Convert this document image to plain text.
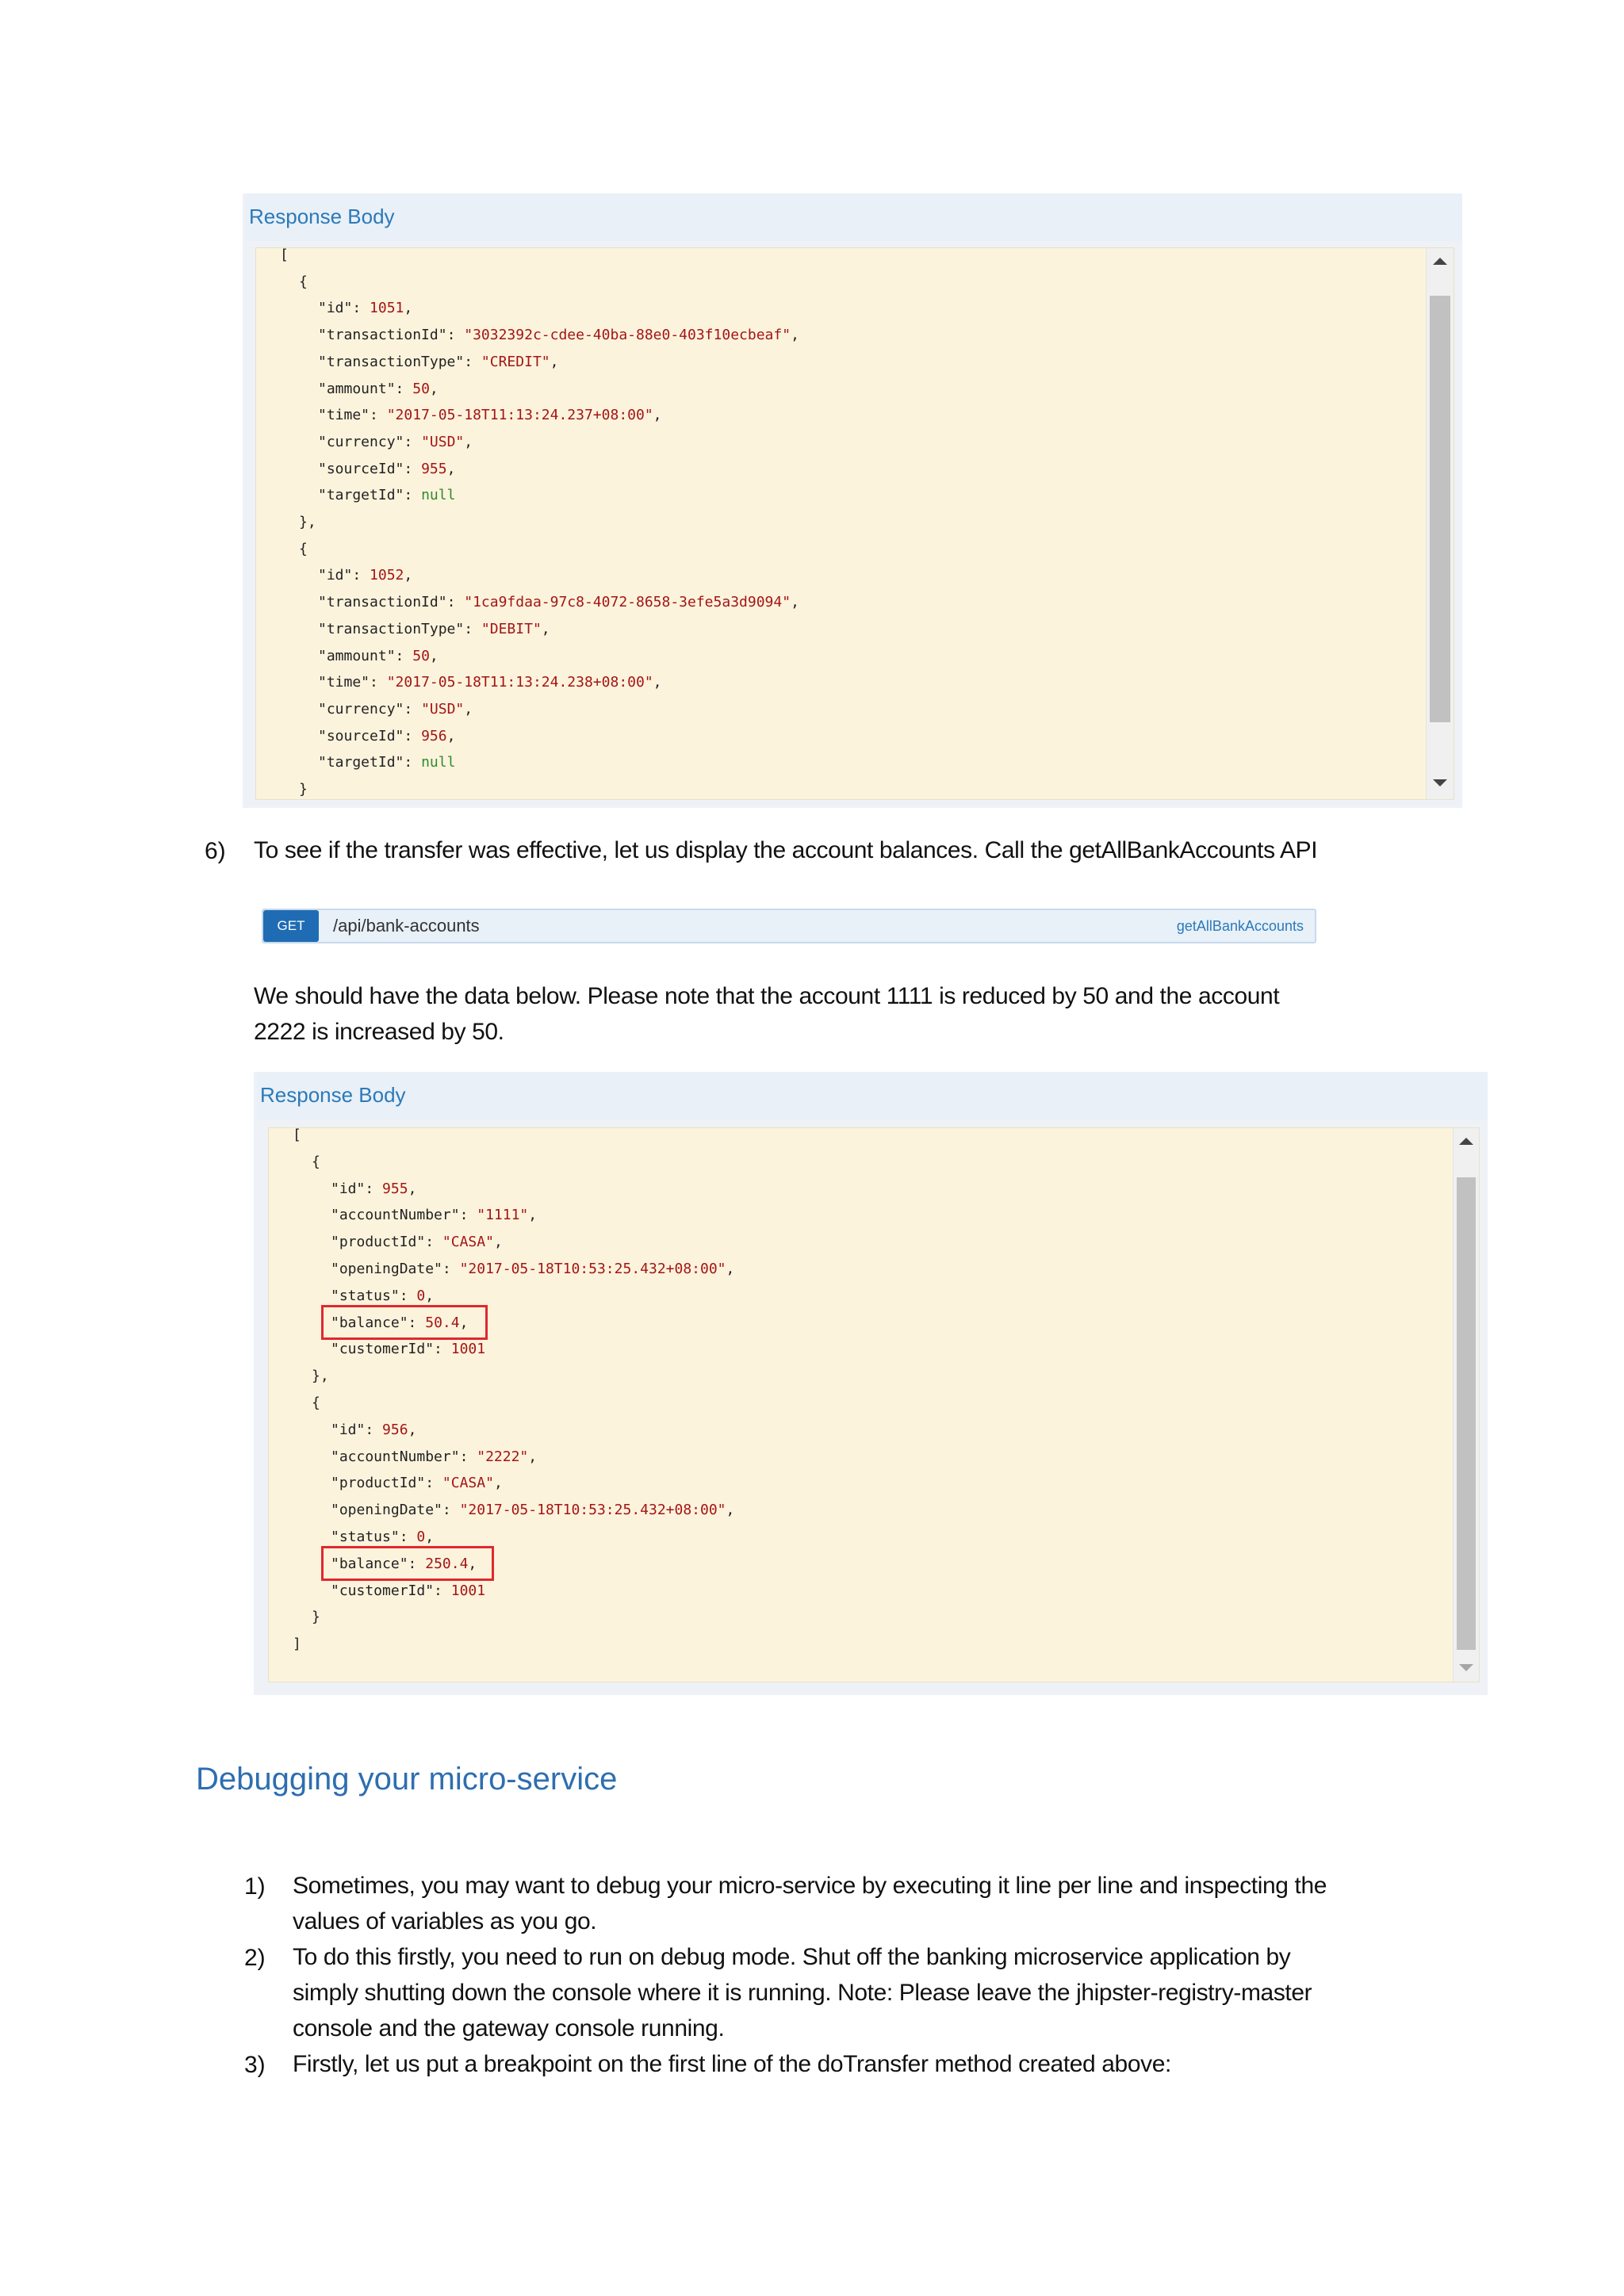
Response Body
[
{
"id": 1051,
"transactionId": "3032392c-cdee-40ba-88e0-403f10ecbeaf",
"transactionType": "CREDIT",
"ammount": 50,
"time": "2017-05-18T11:13:24.237+08:00",
"currency": "USD",
"sourceId": 955,
"targetId": null
},
{
"id": 1052,
"transactionId": "1ca9fdaa-97c8-4072-8658-3efe5a3d9094",
"transactionType": "DEBIT",
"ammount": 50,
"time": "2017-05-18T11:13:24.238+08:00",
"currency": "USD",
"sourceId": 956,
"targetId": null
}
6) To see if the transfer was effective, let us display the account balances. Call the getAllBankAccounts API
GET	/api/bank-accounts	getAllBankAccounts
We should have the data below. Please note that the account 1111 is reduced by 50 and the account
2222 is increased by 50.
Response Body
[
{
"id": 955,
"accountNumber": "1111",
"productId": "CASA",
"openingDate": "2017-05-18T10:53:25.432+08:00",
"status": 0,
"balance": 50.4,
"customerId": 1001
},
{
"id": 956,
"accountNumber": "2222",
"productId": "CASA",
"openingDate": "2017-05-18T10:53:25.432+08:00",
"status": 0,
"balance": 250.4,
"customerId": 1001
}
]
Debugging your micro-service
1) Sometimes, you may want to debug your micro-service by executing it line per line and inspecting the
values of variables as you go.
2) To do this firstly, you need to run on debug mode. Shut off the banking microservice application by
simply shutting down the console where it is running. Note: Please leave the jhipster-registry-master
console and the gateway console running.
3) Firstly, let us put a breakpoint on the first line of the doTransfer method created above:
